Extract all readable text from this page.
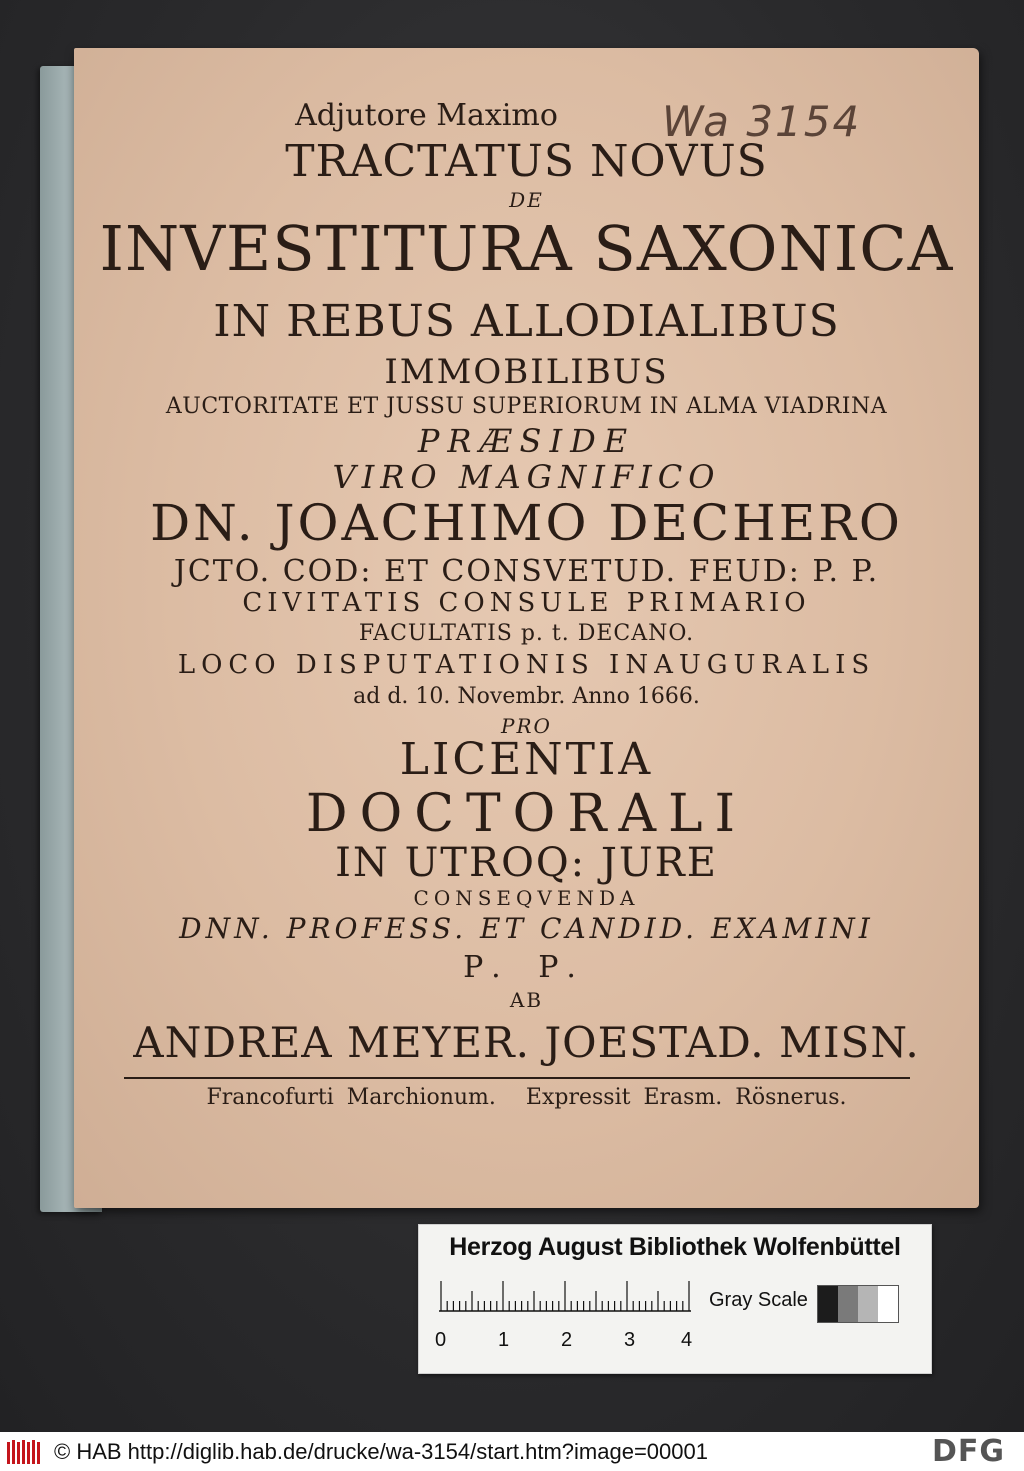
Wa 3154
Adjutore Maximo
TRACTATUS NOVUS
DE
INVESTITURA SAXONICA
IN REBUS ALLODIALIBUS
IMMOBILIBUS
AUCTORITATE ET JUSSU SUPERIORUM IN ALMA VIADRINA
PRÆSIDE
VIRO MAGNIFICO
DN. JOACHIMO DECHERO
JCTO. COD: ET CONSVETUD. FEUD: P. P.
CIVITATIS CONSULE PRIMARIO
FACULTATIS p. t. DECANO.
LOCO DISPUTATIONIS INAUGURALIS
ad d. 10. Novembr. Anno 1666.
PRO
LICENTIA
DOCTORALI
IN UTROQ: JURE
CONSEQVENDA
DNN. PROFESS. ET CANDID. EXAMINI
P. P.
AB
ANDREA MEYER. JOESTAD. MISN.
Francofurti Marchionum. Expressit Erasm. Rösnerus.
Herzog August Bibliothek Wolfenbüttel
0	1	2	3 4
Gray Scale
© HAB http://diglib.hab.de/drucke/wa-3154/start.htm?image=00001	DFG
